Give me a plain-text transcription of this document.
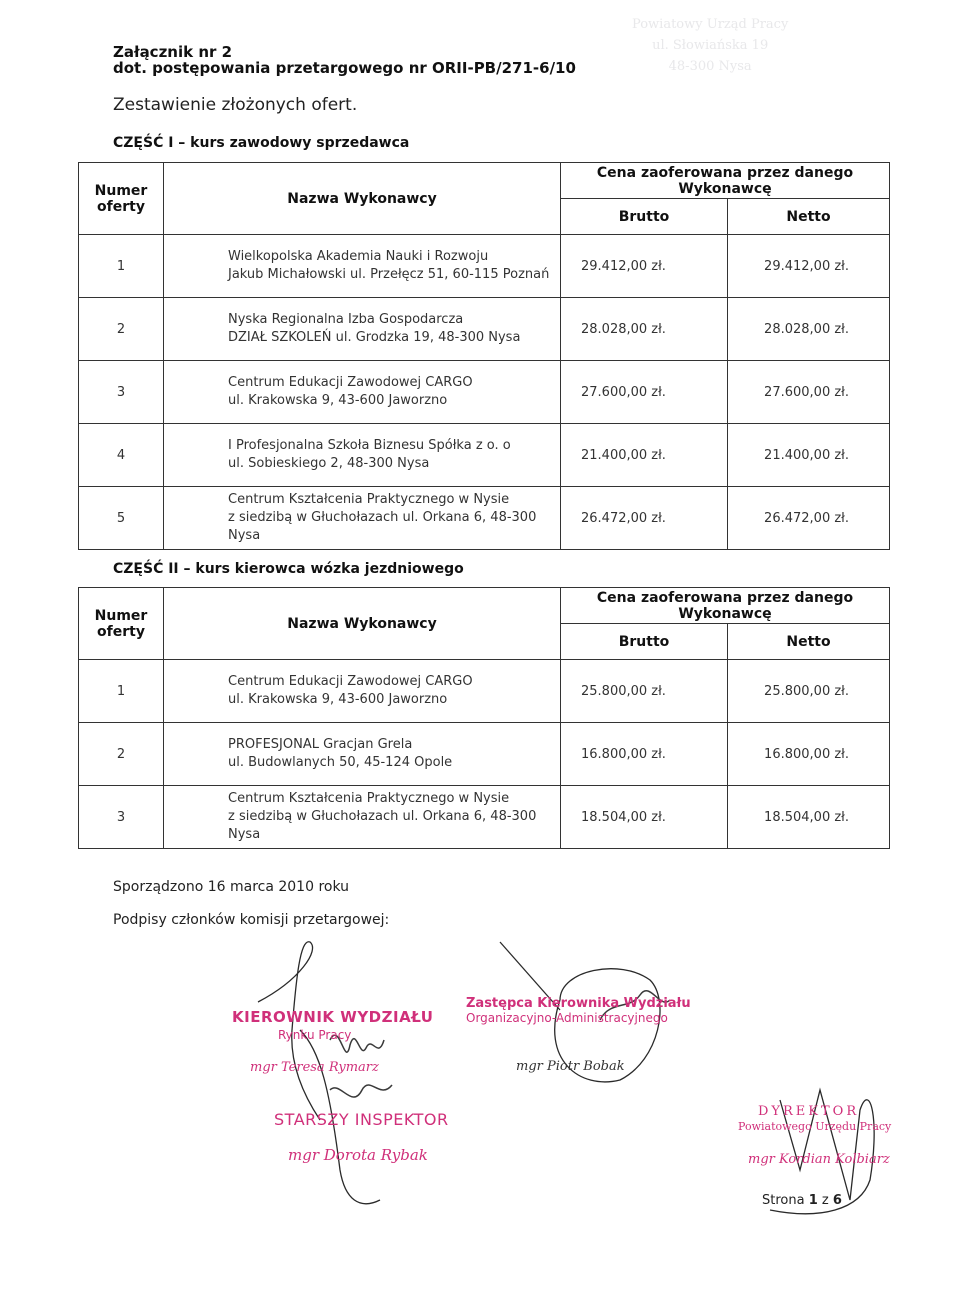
Powiatowy Urząd Pracy
ul. Słowiańska 19
48-300 Nysa
Załącznik nr 2
dot. postępowania przetargowego nr ORII-PB/271-6/10
Zestawienie złożonych ofert.
CZĘŚĆ I – kurs zawodowy sprzedawca
Numer oferty	Nazwa Wykonawcy	Cena zaoferowana przez danego Wykonawcę	
		Brutto	Netto
1	Wielkopolska Akademia Nauki i Rozwoju
Jakub Michałowski ul. Przełęcz 51, 60-115 Poznań	29.412,00 zł.	29.412,00 zł.
2	Nyska Regionalna Izba Gospodarcza
DZIAŁ SZKOLEŃ ul. Grodzka 19, 48-300 Nysa	28.028,00 zł.	28.028,00 zł.
3	Centrum Edukacji Zawodowej CARGO
ul. Krakowska 9, 43-600 Jaworzno	27.600,00 zł.	27.600,00 zł.
4	I Profesjonalna Szkoła Biznesu Spółka z o. o
ul. Sobieskiego 2, 48-300 Nysa	21.400,00 zł.	21.400,00 zł.
5	Centrum Kształcenia Praktycznego w Nysie
z siedzibą w Głuchołazach ul. Orkana 6, 48-300 Nysa	26.472,00 zł.	26.472,00 zł.
CZĘŚĆ II – kurs kierowca wózka jezdniowego
Numer oferty	Nazwa Wykonawcy	Cena zaoferowana przez danego Wykonawcę	
		Brutto	Netto
1	Centrum Edukacji Zawodowej CARGO
ul. Krakowska 9, 43-600 Jaworzno	25.800,00 zł.	25.800,00 zł.
2	PROFESJONAL Gracjan Grela
ul. Budowlanych 50, 45-124 Opole	16.800,00 zł.	16.800,00 zł.
3	Centrum Kształcenia Praktycznego w Nysie
z siedzibą w Głuchołazach ul. Orkana 6, 48-300 Nysa	18.504,00 zł.	18.504,00 zł.
Sporządzono 16 marca 2010 roku
Podpisy członków komisji przetargowej:
KIEROWNIK WYDZIAŁU
Rynku Pracy
mgr Teresa Rymarz
Zastępca Kierownika Wydziału
Organizacyjno-Administracyjnego
mgr Piotr Bobak
STARSZY INSPEKTOR
mgr Dorota Rybak
DYREKTOR
Powiatowego Urzędu Pracy
mgr Kordian Kolbiarz
Strona 1 z 6
